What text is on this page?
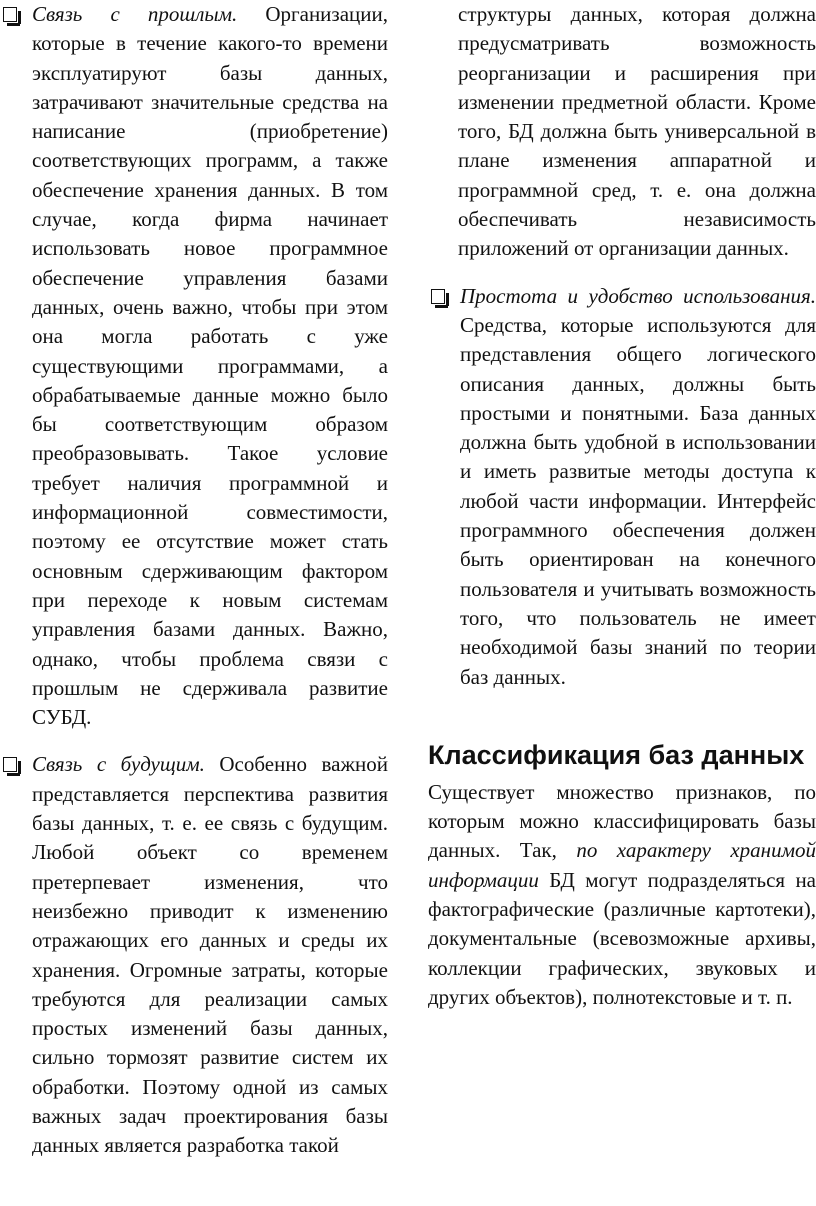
Связь с прошлым. Организации, которые в течение какого-то времени эксплуатируют базы данных, затрачивают значительные средства на написание (приобретение) соответствующих программ, а также обеспечение хранения данных. В том случае, когда фирма начинает использовать новое программное обеспечение управления базами данных, очень важно, чтобы при этом она могла работать с уже существующими программами, а обрабатываемые данные можно было бы соответствующим образом преобразовывать. Такое условие требует наличия программной и информационной совместимости, поэтому ее отсутствие может стать основным сдерживающим фактором при переходе к новым системам управления базами данных. Важно, однако, чтобы проблема связи с прошлым не сдерживала развитие СУБД.

Связь с будущим. Особенно важной представляется перспектива развития базы данных, т. е. ее связь с будущим. Любой объект со временем претерпевает изменения, что неизбежно приводит к изменению отражающих его данных и среды их хранения. Огромные затраты, которые требуются для реализации самых простых изменений базы данных, сильно тормозят развитие систем их обработки. Поэтому одной из самых важных задач проектирования базы данных является разработка такой

структуры данных, которая должна предусматривать возможность реорганизации и расширения при изменении предметной области. Кроме того, БД должна быть универсальной в плане изменения аппаратной и программной сред, т. е. она должна обеспечивать независимость приложений от организации данных.

Простота и удобство использования. Средства, которые используются для представления общего логического описания данных, должны быть простыми и понятными. База данных должна быть удобной в использовании и иметь развитые методы доступа к любой части информации. Интерфейс программного обеспечения должен быть ориентирован на конечного пользователя и учитывать возможность того, что пользователь не имеет необходимой базы знаний по теории баз данных.

Классификация баз данных

Существует множество признаков, по которым можно классифицировать базы данных. Так, по характеру хранимой информации БД могут подразделяться на фактографические (различные картотеки), документальные (всевозможные архивы, коллекции графических, звуковых и других объектов), полнотекстовые и т. п.
